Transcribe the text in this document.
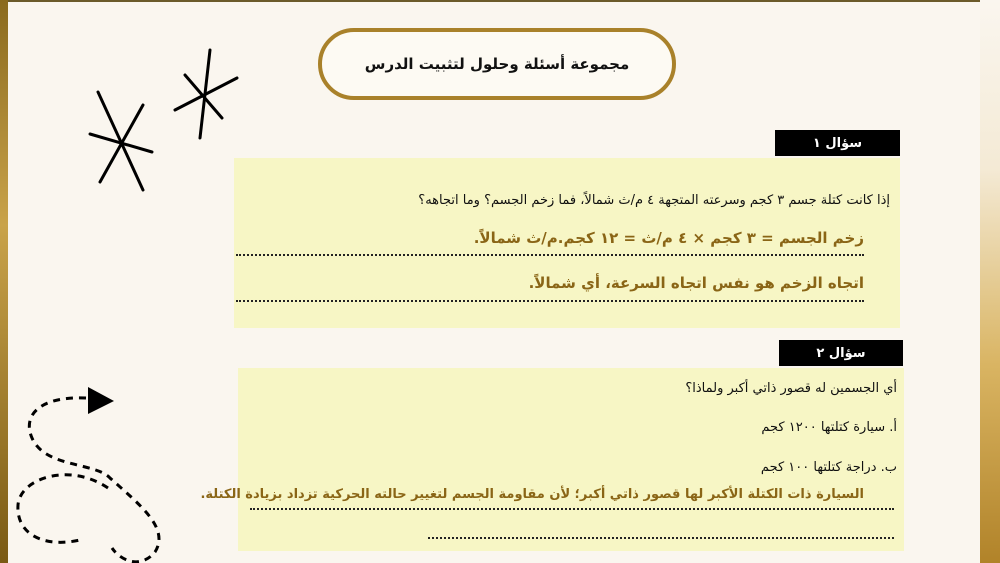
مجموعة أسئلة وحلول لتثبيت الدرس
سؤال ١
إذا كانت كتلة جسم ٣ كجم وسرعته المتجهة ٤ م/ث شمالاً، فما زخم الجسم؟ وما اتجاهه؟
زخم الجسم = ٣ كجم × ٤ م/ث = ١٢ كجم.م/ث شمالاً.
اتجاه الزخم هو نفس اتجاه السرعة، أي شمالاً.
سؤال ٢
أي الجسمين له قصور ذاتي أكبر ولماذا؟
أ. سيارة كتلتها ١٢٠٠ كجم
ب. دراجة كتلتها ١٠٠ كجم
السيارة ذات الكتلة الأكبر لها قصور ذاتي أكبر؛ لأن مقاومة الجسم لتغيير حالته الحركية تزداد بزيادة الكتلة.
